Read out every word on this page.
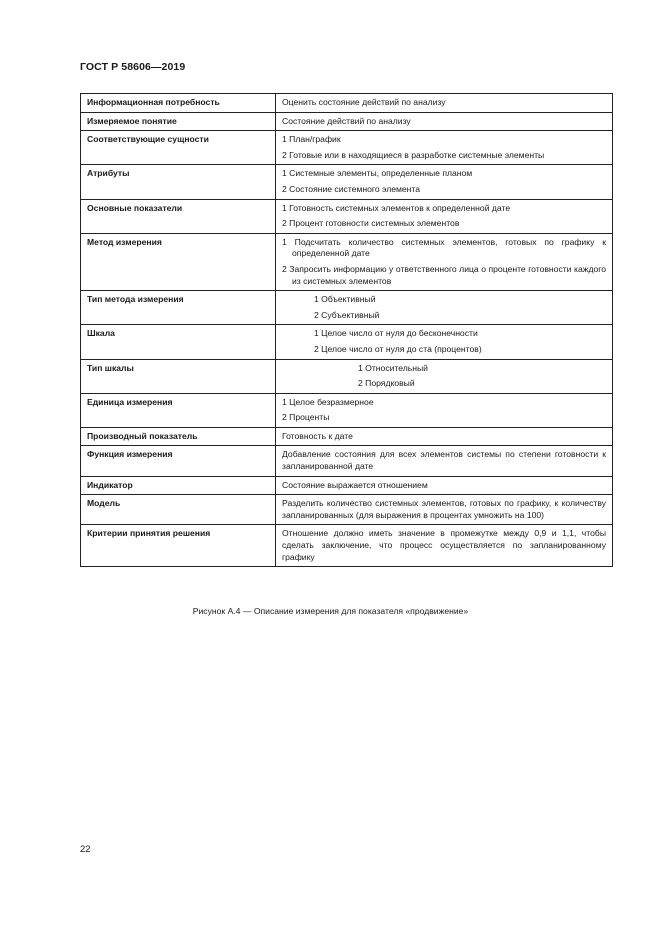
ГОСТ Р 58606—2019
Информационная потребность	Оценить состояние действий по анализу

Измеряемое понятие	Состояние действий по анализу

Соответствующие сущности	1 План/график
2 Готовые или в находящиеся в разработке системные элементы

Атрибуты	1 Системные элементы, определенные планом
2 Состояние системного элемента

Основные показатели	1 Готовность системных элементов к определенной дате
2 Процент готовности системных элементов

Метод измерения	1 Подсчитать количество системных элементов, готовых по графику к определенной дате
2 Запросить информацию у ответственного лица о проценте готовности каждого из системных элементов

Тип метода измерения	1 Объективный
2 Субъективный

Шкала	1 Целое число от нуля до бесконечности
2 Целое число от нуля до ста (процентов)

Тип шкалы	1 Относительный
2 Порядковый

Единица измерения	1 Целое безразмерное
2 Проценты

Производный показатель	Готовность к дате

Функция измерения	Добавление состояния для всех элементов системы по степени готовности к запланированной дате

Индикатор	Состояние выражается отношением

Модель	Разделить количество системных элементов, готовых по графику, к количеству запланированных (для выражения в процентах умножить на 100)

Критерии принятия решения	Отношение должно иметь значение в промежутке между 0,9 и 1,1, чтобы сделать заключение, что процесс осуществляется по запланированному графику
Рисунок А.4 — Описание измерения для показателя «продвижение»
22
